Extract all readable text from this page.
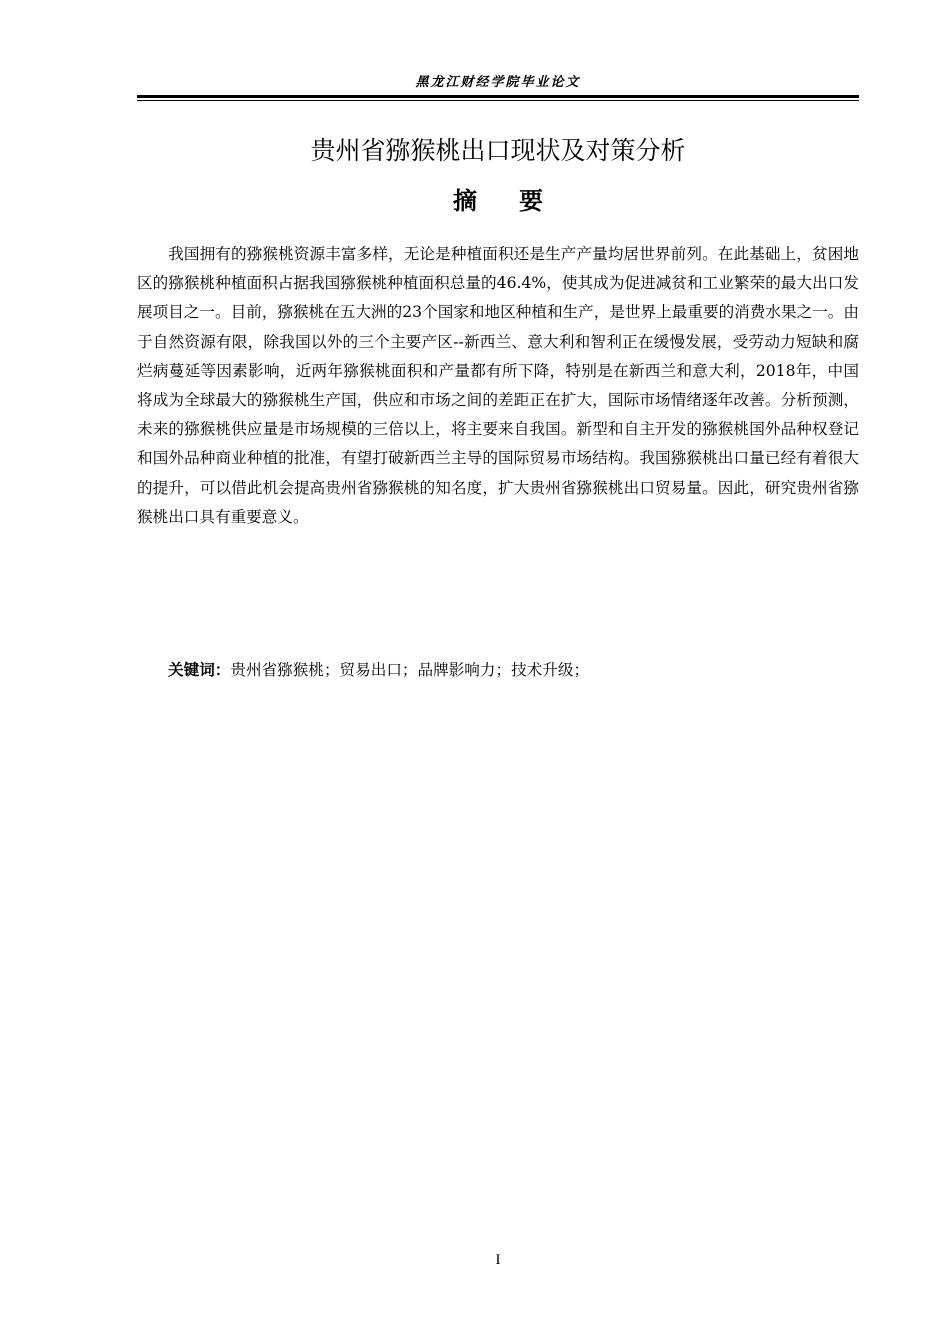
黑龙江财经学院毕业论文
贵州省猕猴桃出口现状及对策分析
摘要

我国拥有的猕猴桃资源丰富多样，无论是种植面积还是生产产量均居世界前列。在此基础上，贫困地区的猕猴桃种植面积占据我国猕猴桃种植面积总量的46.4%，使其成为促进减贫和工业繁荣的最大出口发展项目之一。目前，猕猴桃在五大洲的23个国家和地区种植和生产，是世界上最重要的消费水果之一。由于自然资源有限，除我国以外的三个主要产区--新西兰、意大利和智利正在缓慢发展，受劳动力短缺和腐烂病蔓延等因素影响，近两年猕猴桃面积和产量都有所下降，特别是在新西兰和意大利，2018年，中国将成为全球最大的猕猴桃生产国，供应和市场之间的差距正在扩大，国际市场情绪逐年改善。分析预测，未来的猕猴桃供应量是市场规模的三倍以上，将主要来自我国。新型和自主开发的猕猴桃国外品种权登记和国外品种商业种植的批准，有望打破新西兰主导的国际贸易市场结构。我国猕猴桃出口量已经有着很大的提升，可以借此机会提高贵州省猕猴桃的知名度，扩大贵州省猕猴桃出口贸易量。因此，研究贵州省猕猴桃出口具有重要意义。

关键词：贵州省猕猴桃；贸易出口；品牌影响力；技术升级；

I
